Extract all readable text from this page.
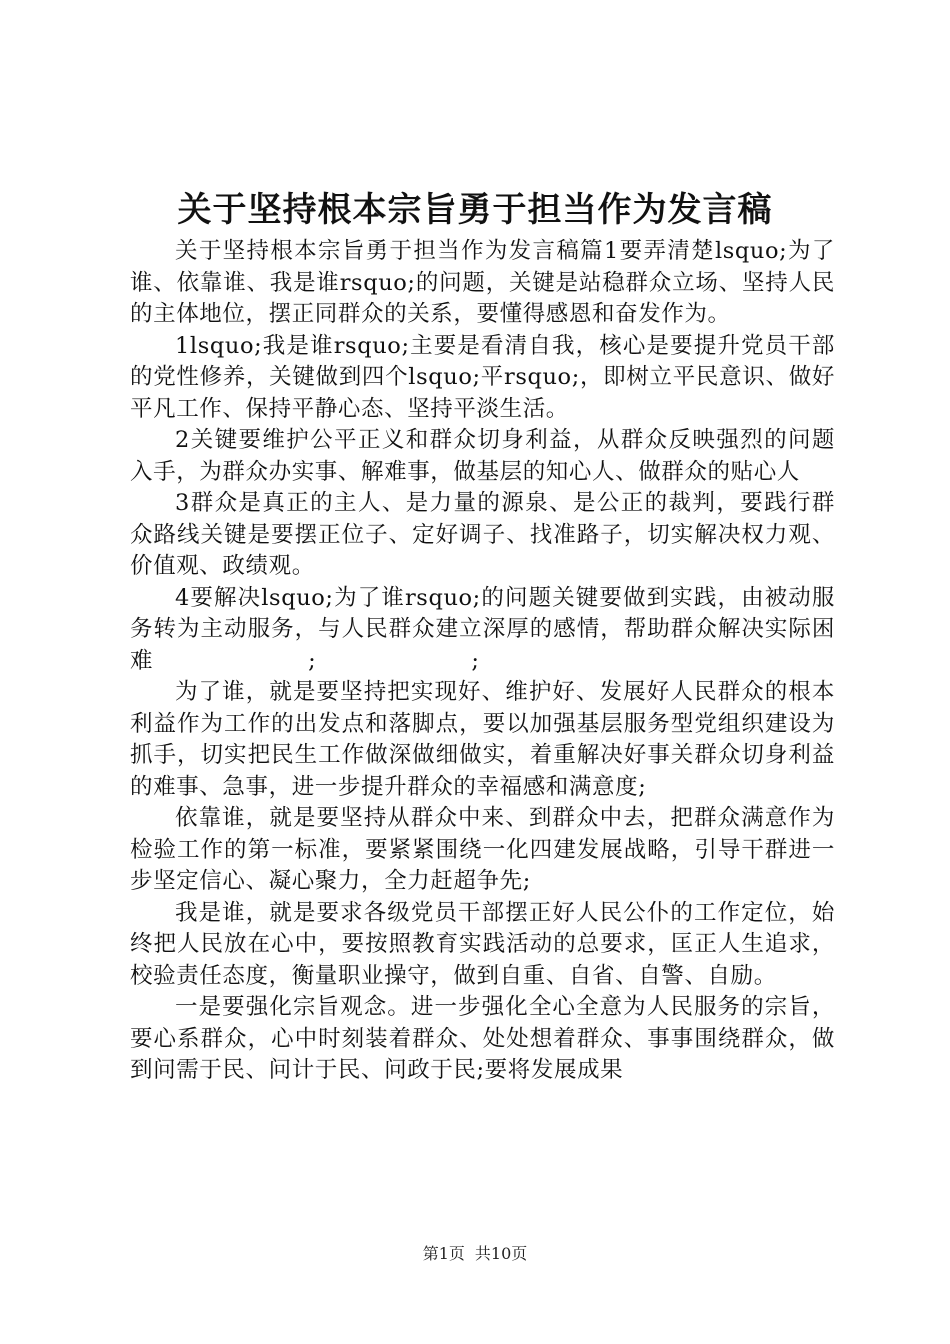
关于坚持根本宗旨勇于担当作为发言稿

关于坚持根本宗旨勇于担当作为发言稿篇1要弄清楚lsquo;为了谁、依靠谁、我是谁rsquo;的问题，关键是站稳群众立场、坚持人民的主体地位，摆正同群众的关系，要懂得感恩和奋发作为。

1lsquo;我是谁rsquo;主要是看清自我，核心是要提升党员干部的党性修养，关键做到四个lsquo;平rsquo;，即树立平民意识、做好平凡工作、保持平静心态、坚持平淡生活。

2关键要维护公平正义和群众切身利益，从群众反映强烈的问题入手，为群众办实事、解难事，做基层的知心人、做群众的贴心人

3群众是真正的主人、是力量的源泉、是公正的裁判，要践行群众路线关键是要摆正位子、定好调子、找准路子，切实解决权力观、价值观、政绩观。

4要解决lsquo;为了谁rsquo;的问题关键要做到实践，由被动服务转为主动服务，与人民群众建立深厚的感情，帮助群众解决实际困难                    ;                    ;

为了谁，就是要坚持把实现好、维护好、发展好人民群众的根本利益作为工作的出发点和落脚点，要以加强基层服务型党组织建设为抓手，切实把民生工作做深做细做实，着重解决好事关群众切身利益的难事、急事，进一步提升群众的幸福感和满意度;

依靠谁，就是要坚持从群众中来、到群众中去，把群众满意作为检验工作的第一标准，要紧紧围绕一化四建发展战略，引导干群进一步坚定信心、凝心聚力，全力赶超争先;

我是谁，就是要求各级党员干部摆正好人民公仆的工作定位，始终把人民放在心中，要按照教育实践活动的总要求，匡正人生追求，校验责任态度，衡量职业操守，做到自重、自省、自警、自励。

一是要强化宗旨观念。进一步强化全心全意为人民服务的宗旨，要心系群众，心中时刻装着群众、处处想着群众、事事围绕群众，做到问需于民、问计于民、问政于民;要将发展成果

第1页 共10页
